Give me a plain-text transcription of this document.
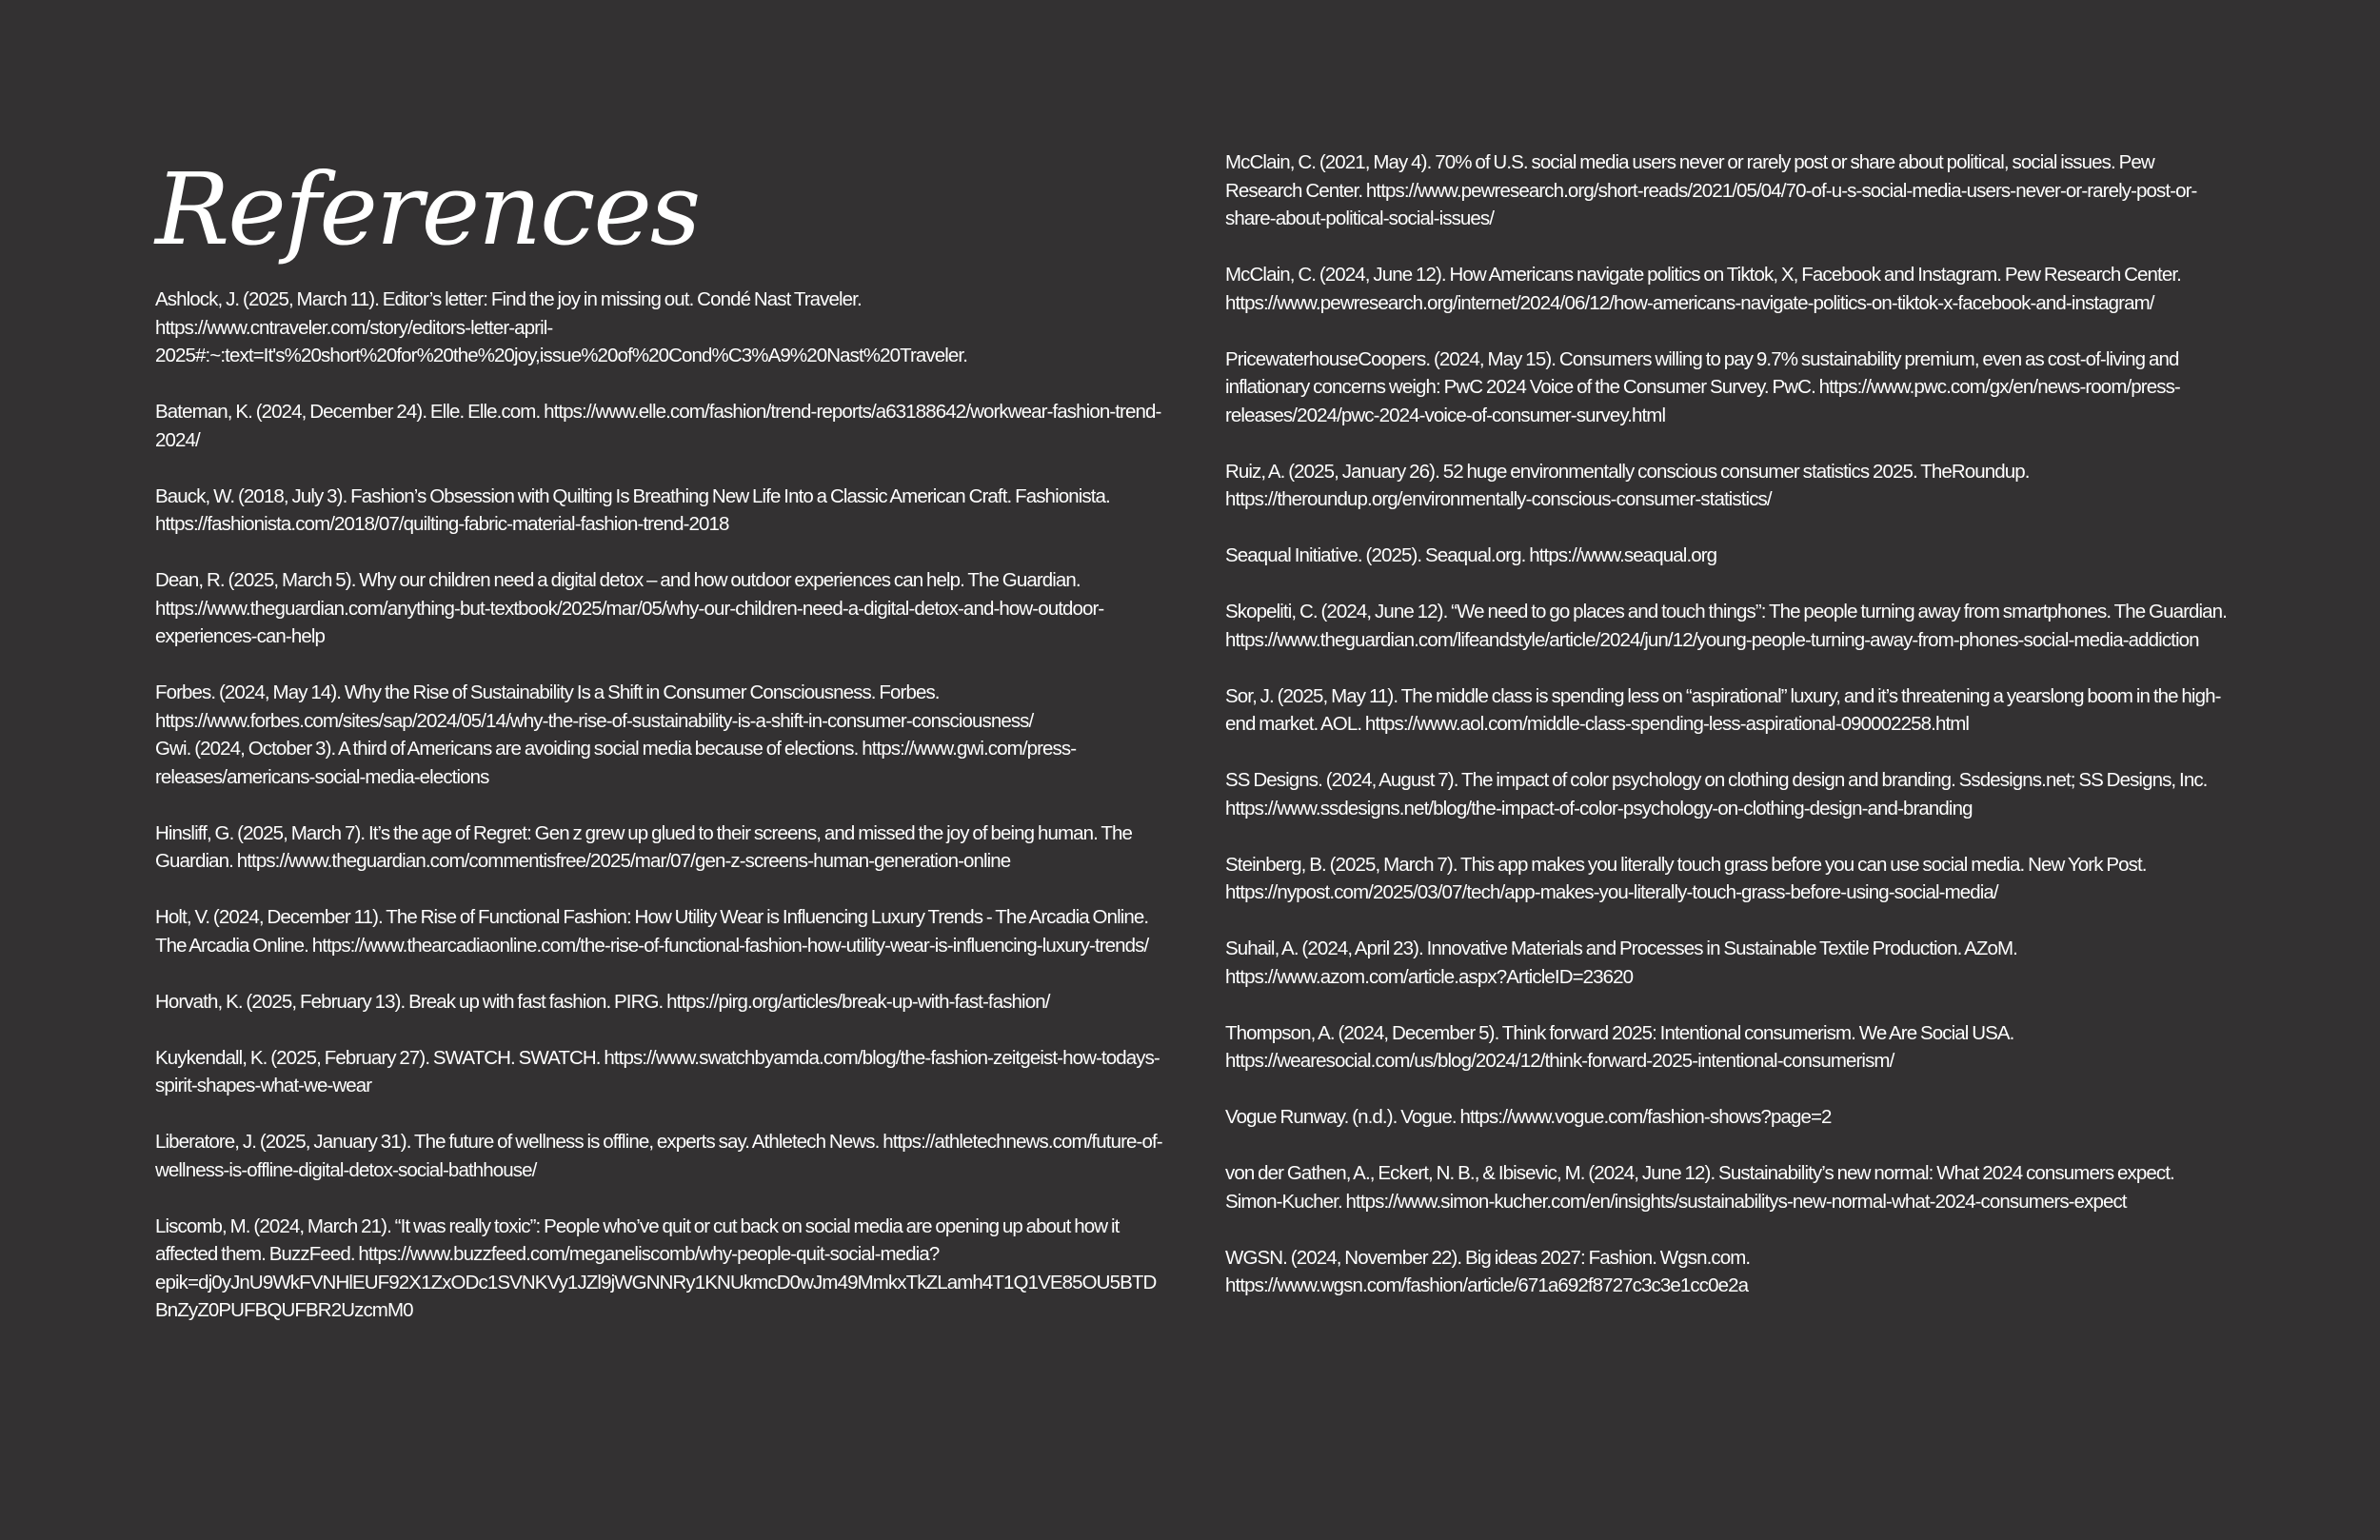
References

Ashlock, J. (2025, March 11). Editor’s letter: Find the joy in missing out. Condé Nast Traveler. https://www.cntraveler.com/story/editors-letter-april-2025#:~:text=It's%20short%20for%20the%20joy,issue%20of%20Cond%C3%A9%20Nast%20Traveler.

Bateman, K. (2024, December 24). Elle. Elle.com. https://www.elle.com/fashion/trend-reports/a63188642/workwear-fashion-trend-2024/

Bauck, W. (2018, July 3). Fashion’s Obsession with Quilting Is Breathing New Life Into a Classic American Craft. Fashionista. https://fashionista.com/2018/07/quilting-fabric-material-fashion-trend-2018

Dean, R. (2025, March 5). Why our children need a digital detox – and how outdoor experiences can help. The Guardian. https://www.theguardian.com/anything-but-textbook/2025/mar/05/why-our-children-need-a-digital-detox-and-how-outdoor-experiences-can-help

Forbes. (2024, May 14). Why the Rise of Sustainability Is a Shift in Consumer Consciousness. Forbes. https://www.forbes.com/sites/sap/2024/05/14/why-the-rise-of-sustainability-is-a-shift-in-consumer-consciousness/

Gwi. (2024, October 3). A third of Americans are avoiding social media because of elections. https://www.gwi.com/press-releases/americans-social-media-elections

Hinsliff, G. (2025, March 7). It’s the age of Regret: Gen z grew up glued to their screens, and missed the joy of being human. The Guardian. https://www.theguardian.com/commentisfree/2025/mar/07/gen-z-screens-human-generation-online

Holt, V. (2024, December 11). The Rise of Functional Fashion: How Utility Wear is Influencing Luxury Trends - The Arcadia Online. The Arcadia Online. https://www.thearcadiaonline.com/the-rise-of-functional-fashion-how-utility-wear-is-influencing-luxury-trends/

Horvath, K. (2025, February 13). Break up with fast fashion. PIRG. https://pirg.org/articles/break-up-with-fast-fashion/

Kuykendall, K. (2025, February 27). SWATCH. SWATCH. https://www.swatchbyamda.com/blog/the-fashion-zeitgeist-how-todays-spirit-shapes-what-we-wear

Liberatore, J. (2025, January 31). The future of wellness is offline, experts say. Athletech News. https://athletechnews.com/future-of-wellness-is-offline-digital-detox-social-bathhouse/

Liscomb, M. (2024, March 21). “It was really toxic”: People who’ve quit or cut back on social media are opening up about how it affected them. BuzzFeed. https://www.buzzfeed.com/meganeliscomb/why-people-quit-social-media?epik=dj0yJnU9WkFVNHlEUF92X1ZxODc1SVNKVy1JZl9jWGNNRy1KNUkmcD0wJm49MmkxTkZLamh4T1Q1VE85OU5BTDBnZyZ0PUFBQUFBR2UzcmM0

McClain, C. (2021, May 4). 70% of U.S. social media users never or rarely post or share about political, social issues. Pew Research Center. https://www.pewresearch.org/short-reads/2021/05/04/70-of-u-s-social-media-users-never-or-rarely-post-or-share-about-political-social-issues/

McClain, C. (2024, June 12). How Americans navigate politics on Tiktok, X, Facebook and Instagram. Pew Research Center. https://www.pewresearch.org/internet/2024/06/12/how-americans-navigate-politics-on-tiktok-x-facebook-and-instagram/

PricewaterhouseCoopers. (2024, May 15). Consumers willing to pay 9.7% sustainability premium, even as cost-of-living and inflationary concerns weigh: PwC 2024 Voice of the Consumer Survey. PwC. https://www.pwc.com/gx/en/news-room/press-releases/2024/pwc-2024-voice-of-consumer-survey.html

Ruiz, A. (2025, January 26). 52 huge environmentally conscious consumer statistics 2025. TheRoundup. https://theroundup.org/environmentally-conscious-consumer-statistics/

Seaqual Initiative. (2025). Seaqual.org. https://www.seaqual.org

Skopeliti, C. (2024, June 12). “We need to go places and touch things”: The people turning away from smartphones. The Guardian. https://www.theguardian.com/lifeandstyle/article/2024/jun/12/young-people-turning-away-from-phones-social-media-addiction

Sor, J. (2025, May 11). The middle class is spending less on “aspirational” luxury, and it’s threatening a yearslong boom in the high-end market. AOL. https://www.aol.com/middle-class-spending-less-aspirational-090002258.html

SS Designs. (2024, August 7). The impact of color psychology on clothing design and branding. Ssdesigns.net; SS Designs, Inc. https://www.ssdesigns.net/blog/the-impact-of-color-psychology-on-clothing-design-and-branding

Steinberg, B. (2025, March 7). This app makes you literally touch grass before you can use social media. New York Post. https://nypost.com/2025/03/07/tech/app-makes-you-literally-touch-grass-before-using-social-media/

Suhail, A. (2024, April 23). Innovative Materials and Processes in Sustainable Textile Production. AZoM. https://www.azom.com/article.aspx?ArticleID=23620

Thompson, A. (2024, December 5). Think forward 2025: Intentional consumerism. We Are Social USA. https://wearesocial.com/us/blog/2024/12/think-forward-2025-intentional-consumerism/

Vogue Runway. (n.d.). Vogue. https://www.vogue.com/fashion-shows?page=2

von der Gathen, A., Eckert, N. B., & Ibisevic, M. (2024, June 12). Sustainability’s new normal: What 2024 consumers expect. Simon-Kucher. https://www.simon-kucher.com/en/insights/sustainabilitys-new-normal-what-2024-consumers-expect

WGSN. (2024, November 22). Big ideas 2027: Fashion. Wgsn.com. https://www.wgsn.com/fashion/article/671a692f8727c3c3e1cc0e2a
